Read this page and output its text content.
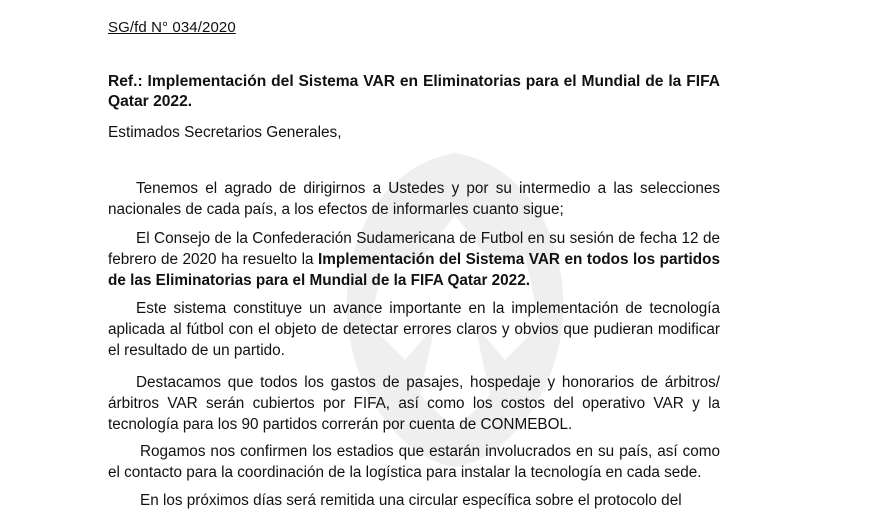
SG/fd N° 034/2020
Ref.: Implementación del Sistema VAR en Eliminatorias para el Mundial de la FIFA Qatar 2022.
Estimados Secretarios Generales,

Tenemos el agrado de dirigirnos a Ustedes y por su intermedio a las selecciones nacionales de cada país, a los efectos de informarles cuanto sigue;

El Consejo de la Confederación Sudamericana de Futbol en su sesión de fecha 12 de febrero de 2020 ha resuelto la Implementación del Sistema VAR en todos los partidos de las Eliminatorias para el Mundial de la FIFA Qatar 2022.

Este sistema constituye un avance importante en la implementación de tecnología aplicada al fútbol con el objeto de detectar errores claros y obvios que pudieran modificar el resultado de un partido.

Destacamos que todos los gastos de pasajes, hospedaje y honorarios de árbitros/árbitros VAR serán cubiertos por FIFA, así como los costos del operativo VAR y la tecnología para los 90 partidos correrán por cuenta de CONMEBOL.

Rogamos nos confirmen los estadios que estarán involucrados en su país, así como el contacto para la coordinación de la logística para instalar la tecnología en cada sede.

En los próximos días será remitida una circular específica sobre el protocolo del
